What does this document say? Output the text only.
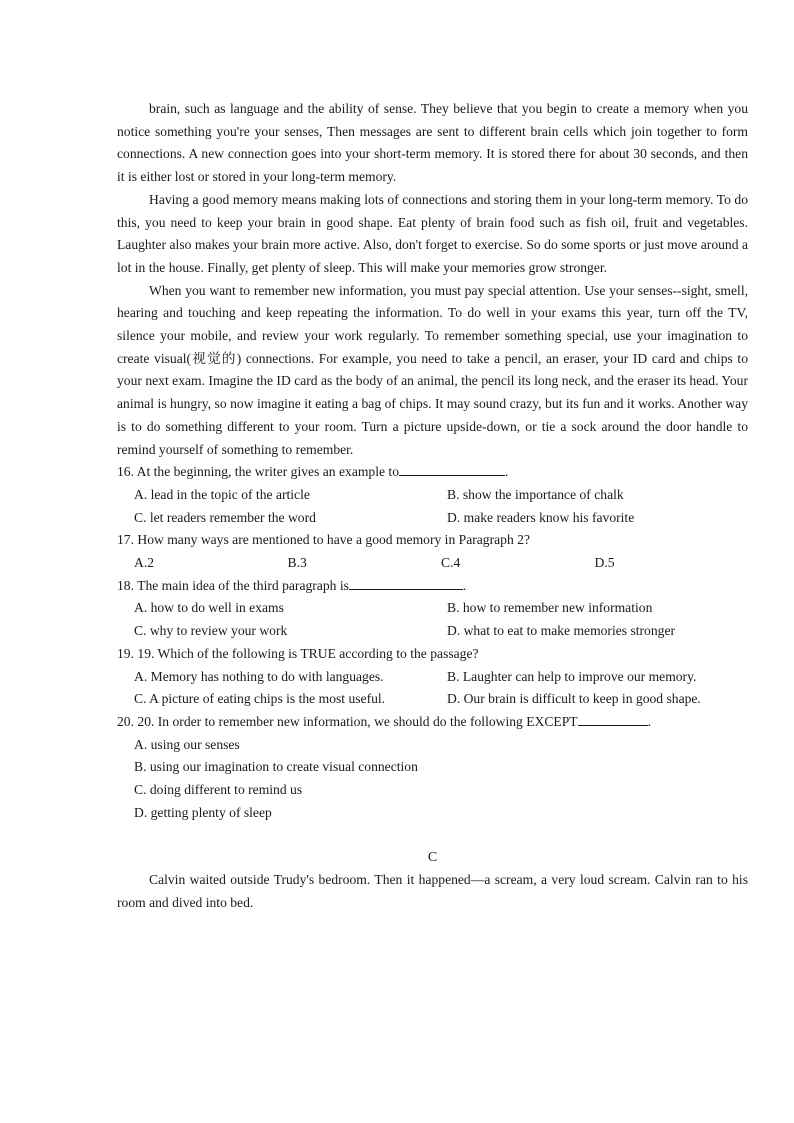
brain, such as language and the ability of sense. They believe that you begin to create a memory when you notice something you're your senses, Then messages are sent to different brain cells which join together to form connections. A new connection goes into your short-term memory. It is stored there for about 30 seconds, and then it is either lost or stored in your long-term memory.

Having a good memory means making lots of connections and storing them in your long-term memory. To do this, you need to keep your brain in good shape. Eat plenty of brain food such as fish oil, fruit and vegetables. Laughter also makes your brain more active. Also, don't forget to exercise. So do some sports or just move around a lot in the house. Finally, get plenty of sleep. This will make your memories grow stronger.

When you want to remember new information, you must pay special attention. Use your senses--sight, smell, hearing and touching and keep repeating the information. To do well in your exams this year, turn off the TV, silence your mobile, and review your work regularly. To remember something special, use your imagination to create visual(视觉的) connections. For example, you need to take a pencil, an eraser, your ID card and chips to your next exam. Imagine the ID card as the body of an animal, the pencil its long neck, and the eraser its head. Your animal is hungry, so now imagine it eating a bag of chips. It may sound crazy, but its fun and it works. Another way is to do something different to your room. Turn a picture upside-down, or tie a sock around the door handle to remind yourself of something to remember.

16. At the beginning, the writer gives an example to	.

A. lead in the topic of the article	B. show the importance of chalk
C. let readers remember the word	D. make readers know his favorite

17. How many ways are mentioned to have a good memory in Paragraph 2?

A.2	B.3	C.4	D.5

18. The main idea of the third paragraph is	.

A. how to do well in exams	B. how to remember new information
C. why to review your work	D. what to eat to make memories stronger

19. 19. Which of the following is TRUE according to the passage?

A. Memory has nothing to do with languages.	B. Laughter can help to improve our memory.
C. A picture of eating chips is the most useful.	D. Our brain is difficult to keep in good shape.

20. 20. In order to remember new information, we should do the following EXCEPT	.

A. using our senses

B. using our imagination to create visual connection

C. doing different to remind us

D. getting plenty of sleep

C

Calvin waited outside Trudy's bedroom. Then it happened—a scream, a very loud scream. Calvin ran to his room and dived into bed.
